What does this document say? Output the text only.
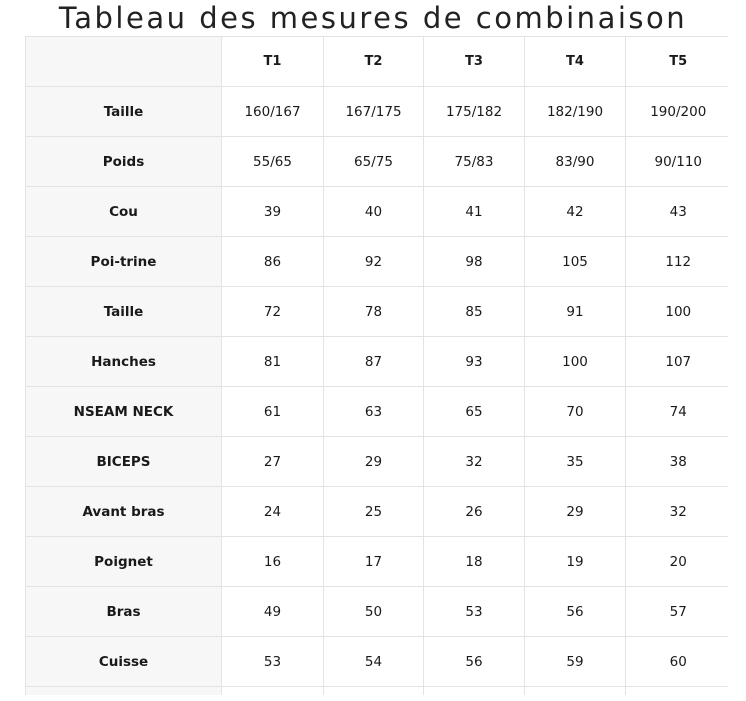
Tableau des mesures de combinaison
	T1	T2	T3	T4	T5
Taille	160/167	167/175	175/182	182/190	190/200
Poids	55/65	65/75	75/83	83/90	90/110
Cou	39	40	41	42	43
Poi-trine	86	92	98	105	112
Taille	72	78	85	91	100
Hanches	81	87	93	100	107
NSEAM NECK	61	63	65	70	74
BICEPS	27	29	32	35	38
Avant bras	24	25	26	29	32
Poignet	16	17	18	19	20
Bras	49	50	53	56	57
Cuisse	53	54	56	59	60
